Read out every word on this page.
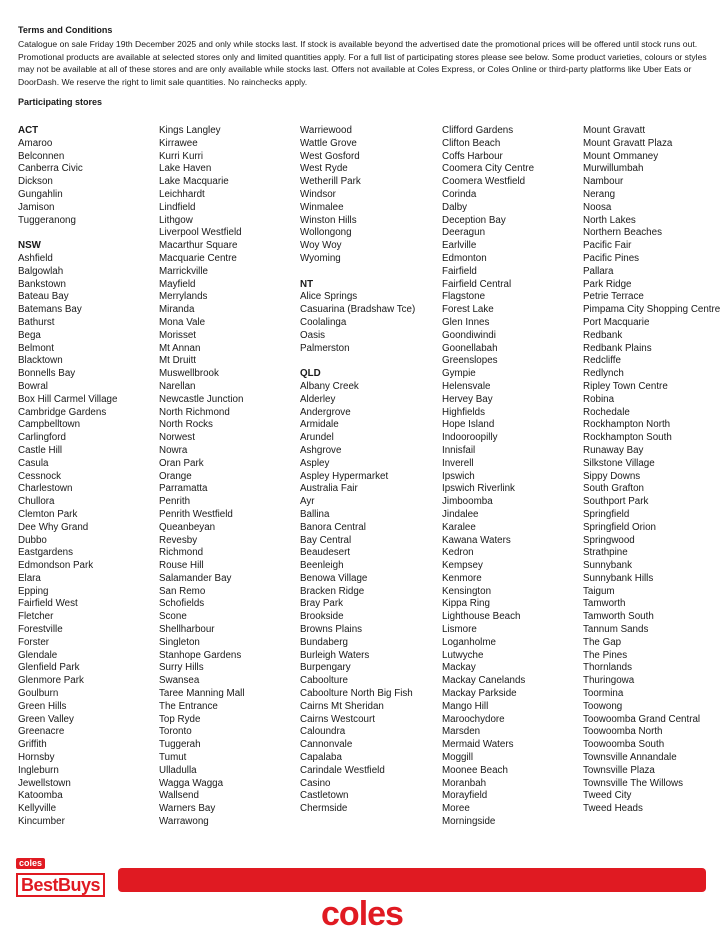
Terms and Conditions

Catalogue on sale Friday 19th December 2025 and only while stocks last. If stock is available beyond the advertised date the promotional prices will be offered until stock runs out. Promotional products are available at selected stores only and limited quantities apply. For a full list of participating stores please see below. Some product varieties, colours or styles may not be available at all of these stores and are only available while stocks last. Offers not available at Coles Express, or Coles Online or third-party platforms like Uber Eats or DoorDash. We reserve the right to limit sale quantities. No rainchecks apply.

Participating stores
ACT
Amaroo
Belconnen
Canberra Civic
Dickson
Gungahlin
Jamison
Tuggeranong
NSW
Ashfield
Balgowlah
Bankstown
Bateau Bay
Batemans Bay
Bathurst
Bega
Belmont
Blacktown
Bonnells Bay
Bowral
Box Hill Carmel Village
Cambridge Gardens
Campbelltown
Carlingford
Castle Hill
Casula
Cessnock
Charlestown
Chullora
Clemton Park
Dee Why Grand
Dubbo
Eastgardens
Edmondson Park
Elara
Epping
Fairfield West
Fletcher
Forestville
Forster
Glendale
Glenfield Park
Glenmore Park
Goulburn
Green Hills
Green Valley
Greenacre
Griffith
Hornsby
Ingleburn
Jewellstown
Katoomba
Kellyville
Kincumber
Kings Langley
Kirrawee
Kurri Kurri
Lake Haven
Lake Macquarie
Leichhardt
Lindfield
Lithgow
Liverpool Westfield
Macarthur Square
Macquarie Centre
Marrickville
Mayfield
Merrylands
Miranda
Mona Vale
Morisset
Mt Annan
Mt Druitt
Muswellbrook
Narellan
Newcastle Junction
North Richmond
North Rocks
Norwest
Nowra
Oran Park
Orange
Parramatta
Penrith
Penrith Westfield
Queanbeyan
Revesby
Richmond
Rouse Hill
Salamander Bay
San Remo
Schofields
Scone
Shellharbour
Singleton
Stanhope Gardens
Surry Hills
Swansea
Taree Manning Mall
The Entrance
Top Ryde
Toronto
Tuggerah
Tumut
Ulladulla
Wagga Wagga
Wallsend
Warners Bay
Warrawong
Warriewood
Wattle Grove
West Gosford
West Ryde
Wetherill Park
Windsor
Winmalee
Winston Hills
Wollongong
Woy Woy
Wyoming
NT
Alice Springs
Casuarina (Bradshaw Tce)
Coolalinga
Oasis
Palmerston
QLD
Albany Creek
Alderley
Andergrove
Armidale
Arundel
Ashgrove
Aspley
Aspley Hypermarket
Australia Fair
Ayr
Ballina
Banora Central
Bay Central
Beaudesert
Beenleigh
Benowa Village
Bracken Ridge
Bray Park
Brookside
Browns Plains
Bundaberg
Burleigh Waters
Burpengary
Caboolture
Caboolture North Big Fish
Cairns Mt Sheridan
Cairns Westcourt
Caloundra
Cannonvale
Capalaba
Carindale Westfield
Casino
Castletown
Chermside
Clifford Gardens
Clifton Beach
Coffs Harbour
Coomera City Centre
Coomera Westfield
Corinda
Dalby
Deception Bay
Deeragun
Earlville
Edmonton
Fairfield
Fairfield Central
Flagstone
Forest Lake
Glen Innes
Goondiwindi
Goonellabah
Greenslopes
Gympie
Helensvale
Hervey Bay
Highfields
Hope Island
Indooroopilly
Innisfail
Inverell
Ipswich
Ipswich Riverlink
Jimboomba
Jindalee
Karalee
Kawana Waters
Kedron
Kempsey
Kenmore
Kensington
Kippa Ring
Lighthouse Beach
Lismore
Loganholme
Lutwyche
Mackay
Mackay Canelands
Mackay Parkside
Mango Hill
Maroochydore
Marsden
Mermaid Waters
Moggill
Moonee Beach
Moranbah
Morayfield
Moree
Morningside
Mount Gravatt
Mount Gravatt Plaza
Mount Ommaney
Murwillumbah
Nambour
Nerang
Noosa
North Lakes
Northern Beaches
Pacific Fair
Pacific Pines
Pallara
Park Ridge
Petrie Terrace
Pimpama City Shopping Centre
Port Macquarie
Redbank
Redbank Plains
Redcliffe
Redlynch
Ripley Town Centre
Robina
Rochedale
Rockhampton North
Rockhampton South
Runaway Bay
Silkstone Village
Sippy Downs
South Grafton
Southport Park
Springfield
Springfield Orion
Springwood
Strathpine
Sunnybank
Sunnybank Hills
Taigum
Tamworth
Tamworth South
Tannum Sands
The Gap
The Pines
Thornlands
Thuringowa
Toormina
Toowong
Toowoomba Grand Central
Toowoomba North
Toowoomba South
Townsville Annandale
Townsville Plaza
Townsville The Willows
Tweed City
Tweed Heads
coles
BestBuys
coles
